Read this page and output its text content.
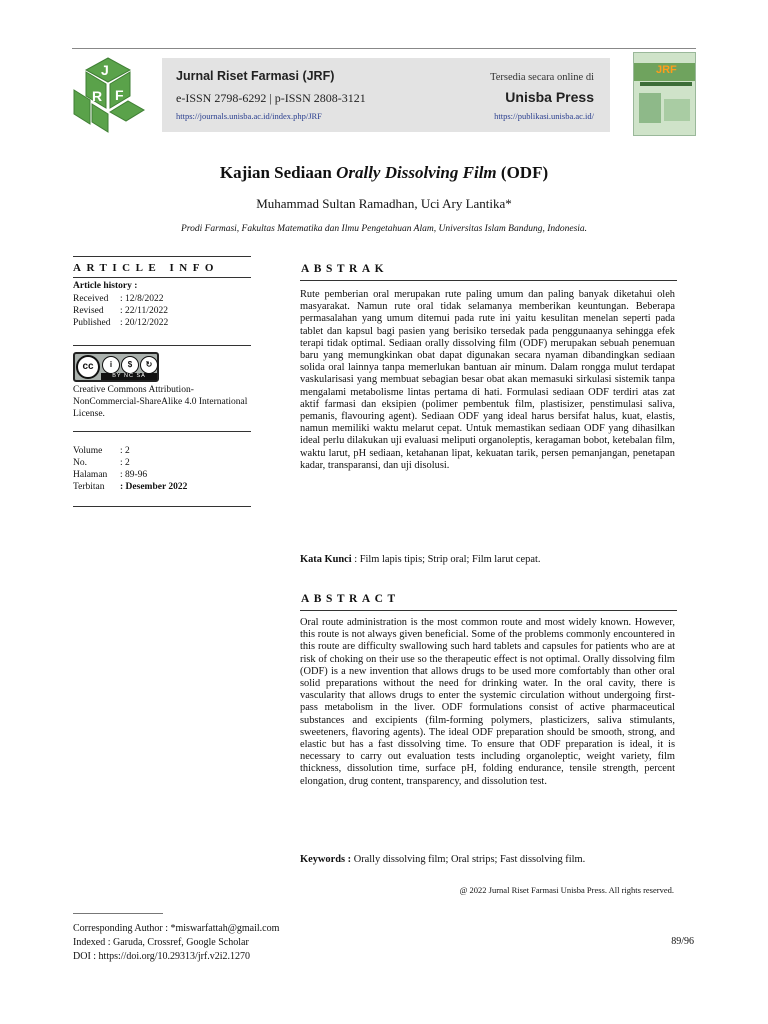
J
R F
Jurnal Riset Farmasi (JRF)
e-ISSN 2798-6292 | p-ISSN 2808-3121
https://journals.unisba.ac.id/index.php/JRF
Tersedia secara online di
Unisba Press
https://publikasi.unisba.ac.id/
JRF
Kajian Sediaan Orally Dissolving Film (ODF)
Muhammad Sultan Ramadhan, Uci Ary Lantika*
Prodi Farmasi, Fakultas Matematika dan Ilmu Pengetahuan Alam, Universitas Islam Bandung, Indonesia.
ARTICLE INFO
Article history :
Received : 12/8/2022
Revised : 22/11/2022
Published : 20/12/2022
cc	i	$	↻
BY NC SA
Creative Commons Attribution-NonCommercial-ShareAlike 4.0 International License.
Volume : 2
No.	: 2
Halaman : 89-96
Terbitan : Desember 2022
ABSTRAK
Rute pemberian oral merupakan rute paling umum dan paling banyak diketahui oleh masyarakat. Namun rute oral tidak selamanya memberikan keuntungan. Beberapa permasalahan yang umum ditemui pada rute ini yaitu kesulitan menelan seperti pada tablet dan kapsul bagi pasien yang berisiko tersedak pada penggunaanya sehingga efek terapi tidak optimal. Sediaan orally dissolving film (ODF) merupakan sebuah penemuan baru yang memungkinkan obat dapat digunakan secara nyaman dibandingkan sediaan solida oral lainnya tanpa memerlukan bantuan air minum. Dalam rongga mulut terdapat vaskularisasi yang membuat sebagian besar obat akan memasuki sirkulasi sistemik tanpa mengalami metabolisme lintas pertama di hati. Formulasi sediaan ODF terdiri atas zat aktif farmasi dan eksipien (polimer pembentuk film, plastisizer, penstimulasi saliva, pemanis, flavouring agent). Sediaan ODF yang ideal harus bersifat halus, kuat, elastis, namun memiliki waktu melarut cepat. Untuk memastikan sediaan ODF yang dihasilkan ideal perlu dilakukan uji evaluasi meliputi organoleptis, keragaman bobot, ketebalan film, waktu larut, pH sediaan, ketahanan lipat, kekuatan tarik, persen pemanjangan, penetapan kadar, transparansi, dan uji disolusi.
Kata Kunci : Film lapis tipis; Strip oral; Film larut cepat.
ABSTRACT
Oral route administration is the most common route and most widely known. However, this route is not always given beneficial. Some of the problems commonly encountered in this route are difficulty swallowing such hard tablets and capsules for patients who are at risk of choking on their use so the therapeutic effect is not optimal. Orally dissolving film (ODF) is a new invention that allows drugs to be used more comfortably than other oral solid preparations without the need for drinking water. In the oral cavity, there is vascularity that allows drugs to enter the systemic circulation without undergoing first-pass metabolism in the liver. ODF formulations consist of active pharmaceutical substances and excipients (film-forming polymers, plasticizers, saliva stimulants, sweeteners, flavoring agents). The ideal ODF preparation should be smooth, strong, and elastic but has a fast dissolving time. To ensure that ODF preparation is ideal, it is necessary to carry out evaluation tests including organoleptic, weight variety, film thickness, dissolution time, surface pH, folding endurance, tensile strength, percent elongation, drug content, transparency, and dissolution test.
Keywords : Orally dissolving film; Oral strips; Fast dissolving film.
@ 2022 Jurnal Riset Farmasi Unisba Press. All rights reserved.
Corresponding Author : *miswarfattah@gmail.com
Indexed : Garuda, Crossref, Google Scholar
DOI : https://doi.org/10.29313/jrf.v2i2.1270
89/96
